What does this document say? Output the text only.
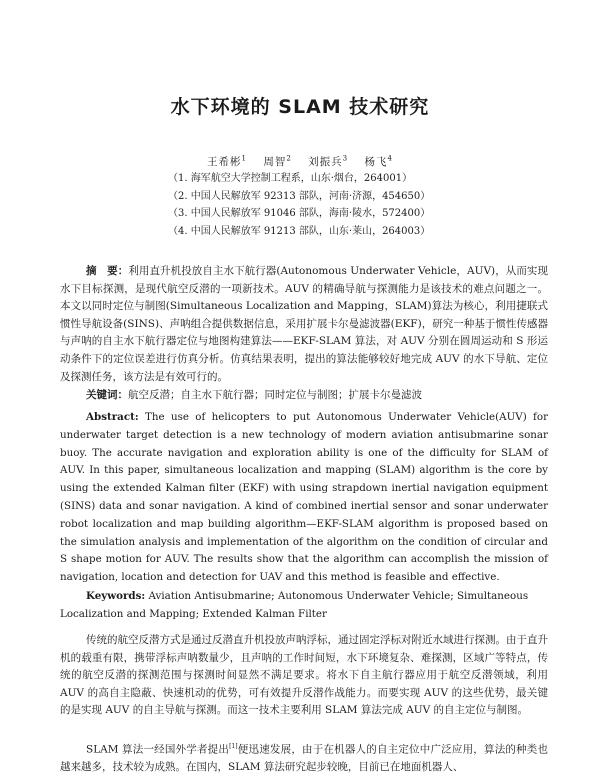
水下环境的 SLAM 技术研究
王希彬$^1$ 周智$^2$ 刘振兵$^3$ 杨飞$^4$
（1. 海军航空大学控制工程系，山东·烟台，264001）
（2. 中国人民解放军 92313 部队，河南·济源，454650）
（3. 中国人民解放军 91046 部队，海南·陵水，572400）
（4. 中国人民解放军 91213 部队，山东·莱山，264003）
摘　要：利用直升机投放自主水下航行器(Autonomous Underwater Vehicle，AUV)，从而实现水下目标探测，是现代航空反潜的一项新技术。AUV 的精确导航与探测能力是该技术的难点问题之一。本文以同时定位与制图(Simultaneous Localization and Mapping，SLAM)算法为核心，利用捷联式惯性导航设备(SINS)、声呐组合提供数据信息，采用扩展卡尔曼滤波器(EKF)，研究一种基于惯性传感器与声呐的自主水下航行器定位与地图构建算法——EKF-SLAM 算法，对 AUV 分别在圆周运动和 S 形运动条件下的定位误差进行仿真分析。仿真结果表明，提出的算法能够较好地完成 AUV 的水下导航、定位及探测任务，该方法是有效可行的。
关键词：航空反潜；自主水下航行器；同时定位与制图；扩展卡尔曼滤波
Abstract: The use of helicopters to put Autonomous Underwater Vehicle(AUV) for underwater target detection is a new technology of modern aviation antisubmarine sonar buoy. The accurate navigation and exploration ability is one of the difficulty for SLAM of AUV. In this paper, simultaneous localization and mapping (SLAM) algorithm is the core by using the extended Kalman filter (EKF) with using strapdown inertial navigation equipment (SINS) data and sonar navigation. A kind of combined inertial sensor and sonar underwater robot localization and map building algorithm—EKF-SLAM algorithm is proposed based on the simulation analysis and implementation of the algorithm on the condition of circular and S shape motion for AUV. The results show that the algorithm can accomplish the mission of navigation, location and detection for UAV and this method is feasible and effective.
Keywords: Aviation Antisubmarine; Autonomous Underwater Vehicle; Simultaneous Localization and Mapping; Extended Kalman Filter
传统的航空反潜方式是通过反潜直升机投放声呐浮标，通过固定浮标对附近水域进行探测。由于直升机的载重有限，携带浮标声呐数量少，且声呐的工作时间短，水下环境复杂、难探测，区域广等特点，传统的航空反潜的探测范围与探测时间显然不满足要求。将水下自主航行器应用于航空反潜领域，利用 AUV 的高自主隐蔽、快速机动的优势，可有效提升反潜作战能力。而要实现 AUV 的这些优势，最关键的是实现 AUV 的自主导航与探测。而这一技术主要利用 SLAM 算法完成 AUV 的自主定位与制图。
SLAM 算法一经国外学者提出[1]便迅速发展，由于在机器人的自主定位中广泛应用，算法的种类也越来越多，技术较为成熟。在国内，SLAM 算法研究起步较晚，目前已在地面机器人、
